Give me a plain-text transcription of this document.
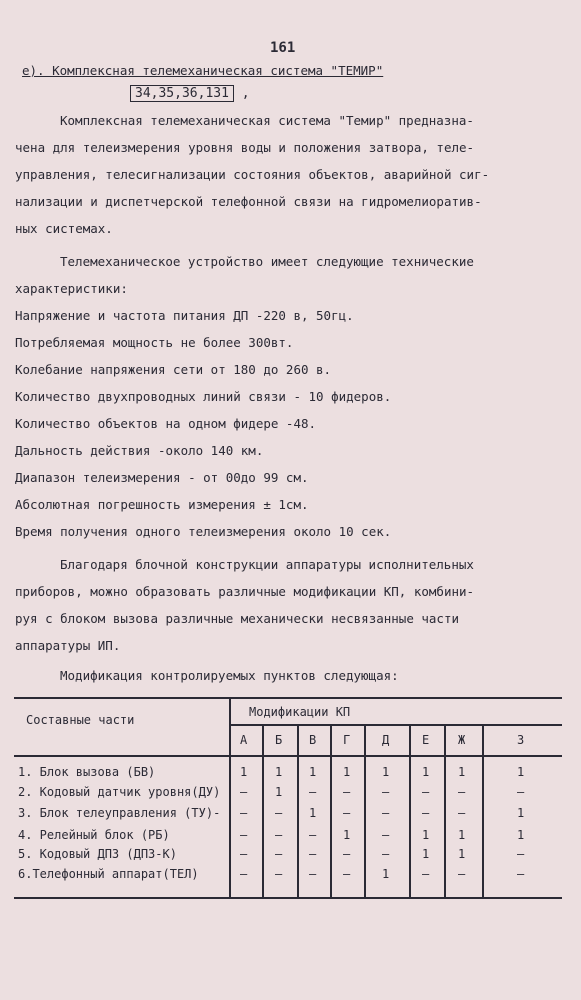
161
е). Комплексная телемеханическая система "ТЕМИР"
34,35,36,131 ,
Комплексная телемеханическая система "Темир" предназна-
чена для телеизмерения уровня воды и положения затвора, теле-
управления, телесигнализации состояния объектов, аварийной сиг-
нализации и диспетчерской телефонной связи на гидромелиоратив-
ных системах.
Телемеханическое устройство имеет следующие технические
характеристики:
Напряжение и частота питания ДП -220 в, 50гц.
Потребляемая мощность не более 300вт.
Колебание напряжения сети от 180 до 260 в.
Количество двухпроводных линий связи - 10 фидеров.
Количество объектов на одном фидере -48.
Дальность действия -около 140 км.
Диапазон телеизмерения - от 00до 99 см.
Абсолютная погрешность измерения ± 1см.
Время получения одного телеизмерения около 10 сек.
Благодаря блочной конструкции аппаратуры исполнительных
приборов, можно образовать различные модификации КП, комбини-
руя с блоком вызова различные механически несвязанные части
аппаратуры ИП.
Модификация контролируемых пунктов следующая:
Составные части
Модификации КП
А Б В Г	Д	Е Ж	З
1. Блок вызова (БВ)	1 1 1 1	1	1 1	1
2. Кодовый датчик уровня(ДУ) – 1 – –	–	– –	–
3. Блок телеуправления (ТУ)- – – 1 –	–	– –	1
4. Релейный блок (РБ)	– – – 1	–	1 1	1
5. Кодовый ДПЗ (ДПЗ-К)	– – – –	–	1 1	–
6.Телефонный аппарат(ТЕЛ)	– – – –	1	– –	–
